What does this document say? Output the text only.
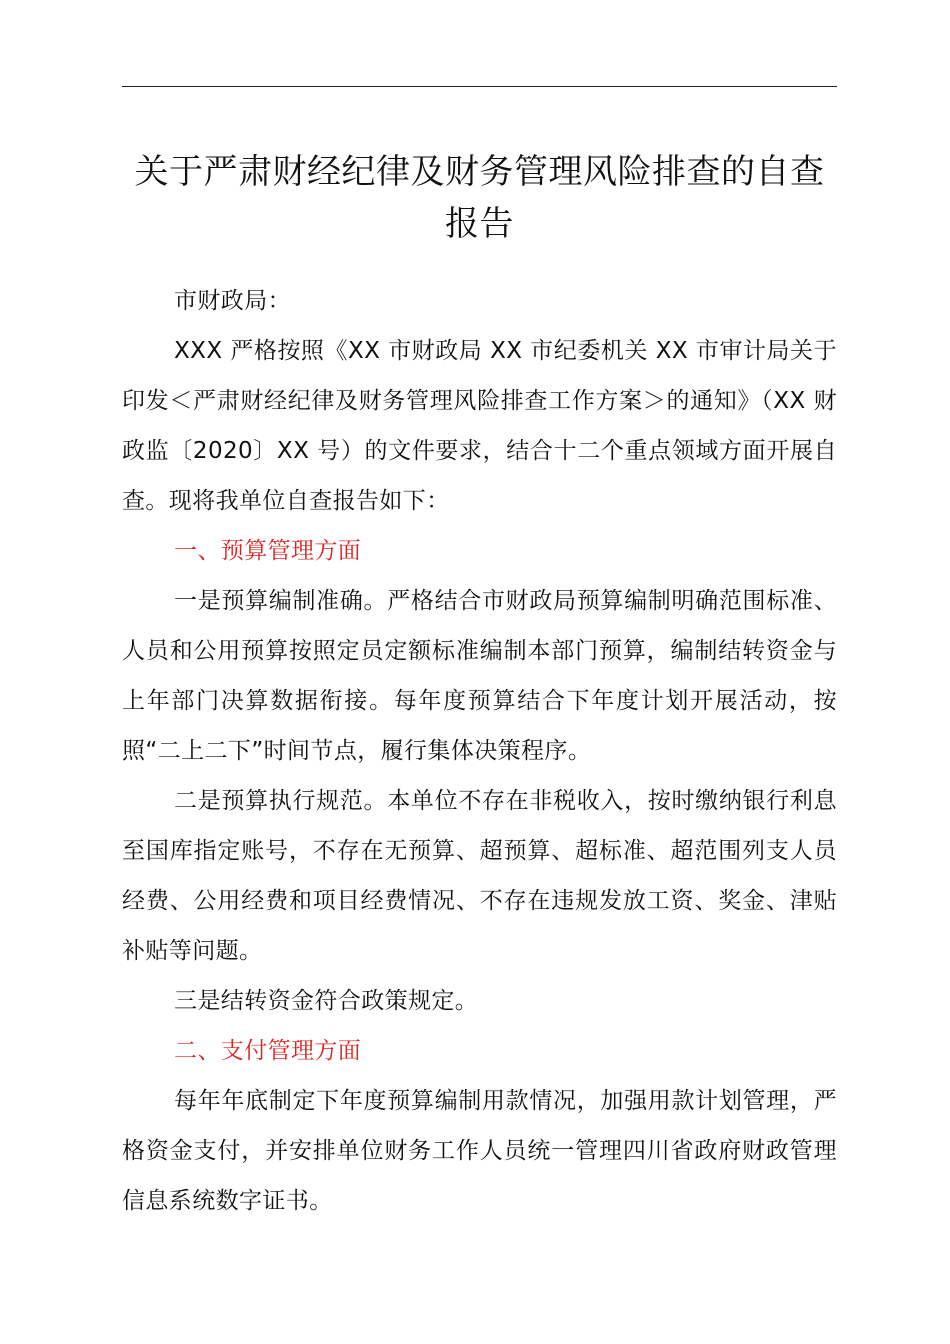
关于严肃财经纪律及财务管理风险排查的自查报告

市财政局：

XXX 严格按照《XX 市财政局 XX 市纪委机关 XX 市审计局关于印发＜严肃财经纪律及财务管理风险排查工作方案＞的通知》（XX 财政监〔2020〕XX 号）的文件要求，结合十二个重点领域方面开展自查。现将我单位自查报告如下：

一、预算管理方面

一是预算编制准确。严格结合市财政局预算编制明确范围标准、人员和公用预算按照定员定额标准编制本部门预算，编制结转资金与上年部门决算数据衔接。每年度预算结合下年度计划开展活动，按照“二上二下”时间节点，履行集体决策程序。

二是预算执行规范。本单位不存在非税收入，按时缴纳银行利息至国库指定账号，不存在无预算、超预算、超标准、超范围列支人员经费、公用经费和项目经费情况、不存在违规发放工资、奖金、津贴补贴等问题。

三是结转资金符合政策规定。

二、支付管理方面

每年年底制定下年度预算编制用款情况，加强用款计划管理，严格资金支付，并安排单位财务工作人员统一管理四川省政府财政管理信息系统数字证书。
